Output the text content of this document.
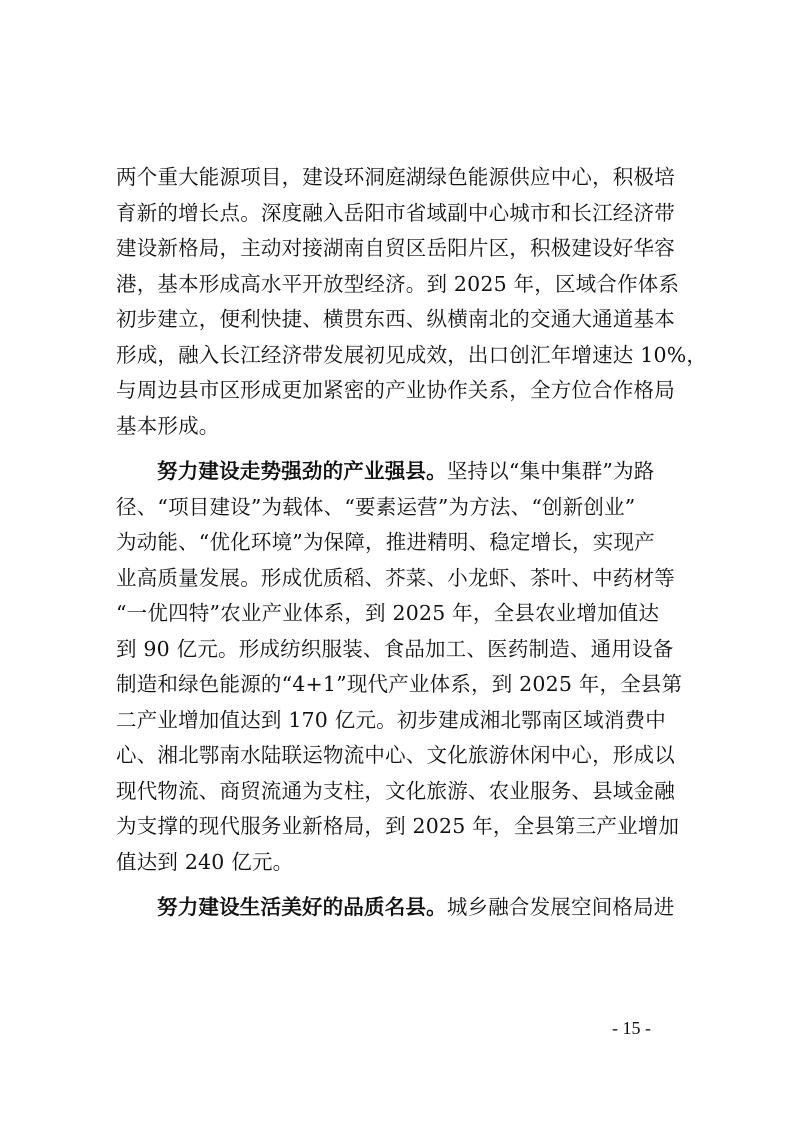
两个重大能源项目，建设环洞庭湖绿色能源供应中心，积极培
育新的增长点。深度融入岳阳市省域副中心城市和长江经济带
建设新格局，主动对接湖南自贸区岳阳片区，积极建设好华容
港，基本形成高水平开放型经济。到 2025 年，区域合作体系
初步建立，便利快捷、横贯东西、纵横南北的交通大通道基本
形成，融入长江经济带发展初见成效，出口创汇年增速达 10%，
与周边县市区形成更加紧密的产业协作关系，全方位合作格局
基本形成。
努力建设走势强劲的产业强县。坚持以“集中集群”为路
径、“项目建设”为载体、“要素运营”为方法、“创新创业”
为动能、“优化环境”为保障，推进精明、稳定增长，实现产
业高质量发展。形成优质稻、芥菜、小龙虾、茶叶、中药材等
“一优四特”农业产业体系，到 2025 年，全县农业增加值达
到 90 亿元。形成纺织服装、食品加工、医药制造、通用设备
制造和绿色能源的“4+1”现代产业体系，到 2025 年，全县第
二产业增加值达到 170 亿元。初步建成湘北鄂南区域消费中
心、湘北鄂南水陆联运物流中心、文化旅游休闲中心，形成以
现代物流、商贸流通为支柱，文化旅游、农业服务、县域金融
为支撑的现代服务业新格局，到 2025 年，全县第三产业增加
值达到 240 亿元。
努力建设生活美好的品质名县。城乡融合发展空间格局进
- 15 -
